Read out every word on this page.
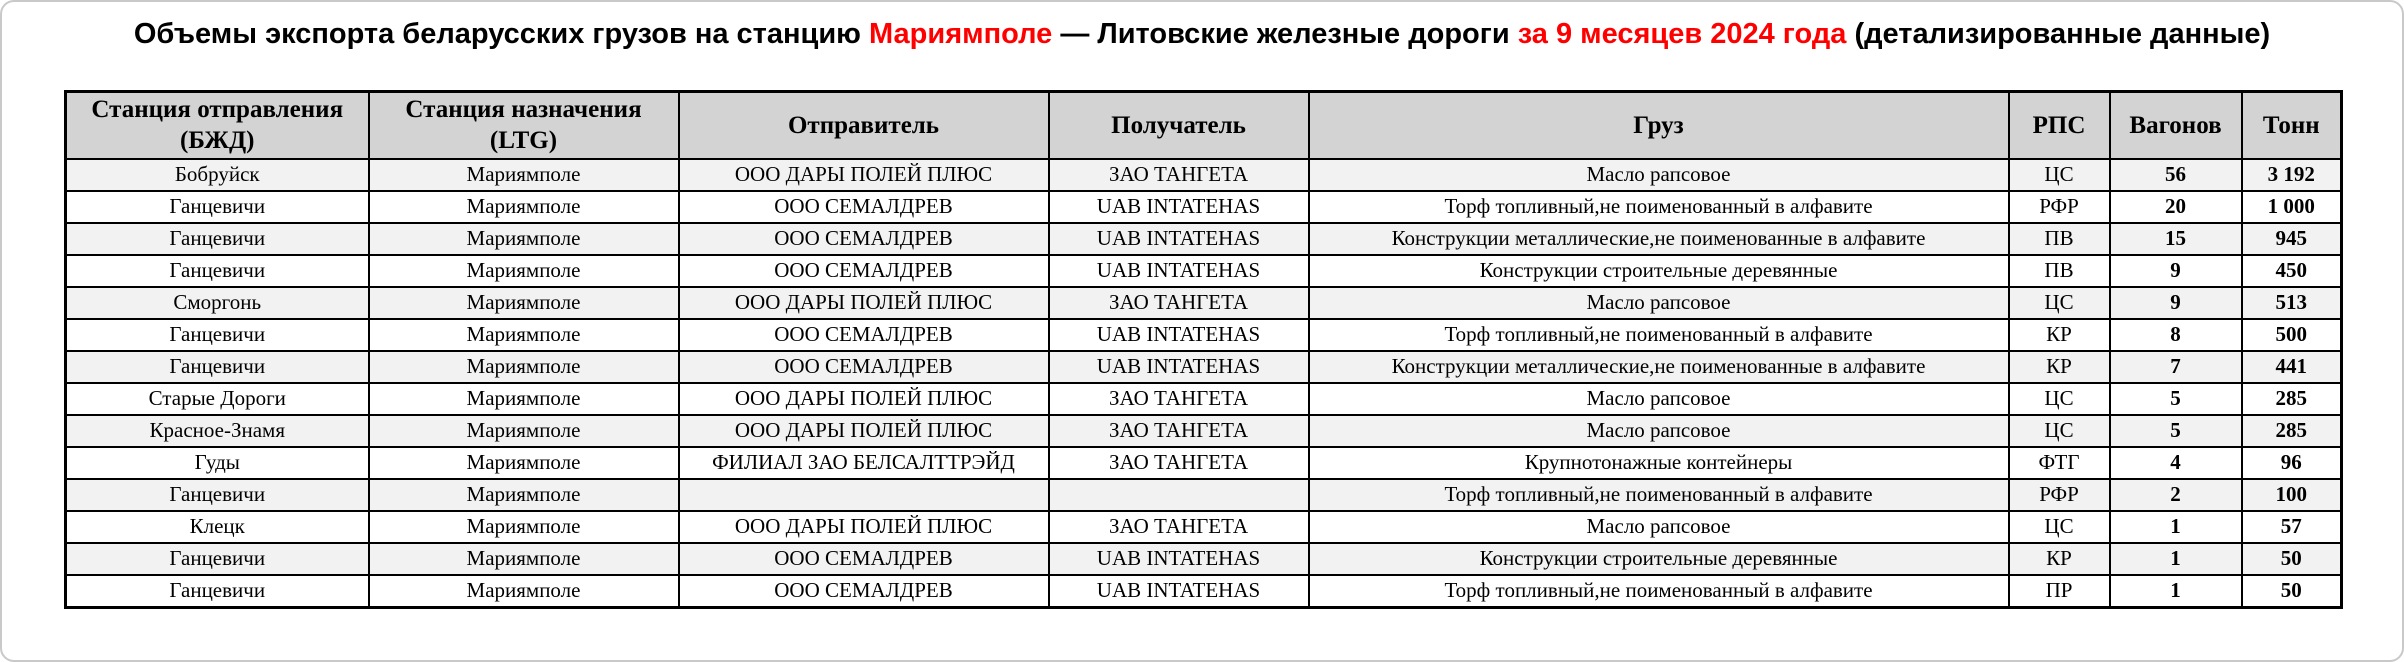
Объемы экспорта беларусских грузов на станцию Мариямполе — Литовские железные дороги за 9 месяцев 2024 года (детализированные данные)
Станция отправления (БЖД)	Станция назначения (LTG)	Отправитель	Получатель	Груз	РПС	Вагонов	Тонн
Бобруйск	Мариямполе	ООО ДАРЫ ПОЛЕЙ ПЛЮС	ЗАО ТАНГЕТА	Масло рапсовое	ЦС	56	3 192
Ганцевичи	Мариямполе	ООО СЕМАЛДРЕВ	UAB INTATEHAS	Торф топливный,не поименованный в алфавите	РФР	20	1 000
Ганцевичи	Мариямполе	ООО СЕМАЛДРЕВ	UAB INTATEHAS	Конструкции металлические,не поименованные в алфавите	ПВ	15	945
Ганцевичи	Мариямполе	ООО СЕМАЛДРЕВ	UAB INTATEHAS	Конструкции строительные деревянные	ПВ	9	450
Сморгонь	Мариямполе	ООО ДАРЫ ПОЛЕЙ ПЛЮС	ЗАО ТАНГЕТА	Масло рапсовое	ЦС	9	513
Ганцевичи	Мариямполе	ООО СЕМАЛДРЕВ	UAB INTATEHAS	Торф топливный,не поименованный в алфавите	КР	8	500
Ганцевичи	Мариямполе	ООО СЕМАЛДРЕВ	UAB INTATEHAS	Конструкции металлические,не поименованные в алфавите	КР	7	441
Старые Дороги	Мариямполе	ООО ДАРЫ ПОЛЕЙ ПЛЮС	ЗАО ТАНГЕТА	Масло рапсовое	ЦС	5	285
Красное-Знамя	Мариямполе	ООО ДАРЫ ПОЛЕЙ ПЛЮС	ЗАО ТАНГЕТА	Масло рапсовое	ЦС	5	285
Гуды	Мариямполе	ФИЛИАЛ ЗАО БЕЛСАЛТТРЭЙД	ЗАО ТАНГЕТА	Крупнотонажные контейнеры	ФТГ	4	96
Ганцевичи	Мариямполе			Торф топливный,не поименованный в алфавите	РФР	2	100
Клецк	Мариямполе	ООО ДАРЫ ПОЛЕЙ ПЛЮС	ЗАО ТАНГЕТА	Масло рапсовое	ЦС	1	57
Ганцевичи	Мариямполе	ООО СЕМАЛДРЕВ	UAB INTATEHAS	Конструкции строительные деревянные	КР	1	50
Ганцевичи	Мариямполе	ООО СЕМАЛДРЕВ	UAB INTATEHAS	Торф топливный,не поименованный в алфавите	ПР	1	50
